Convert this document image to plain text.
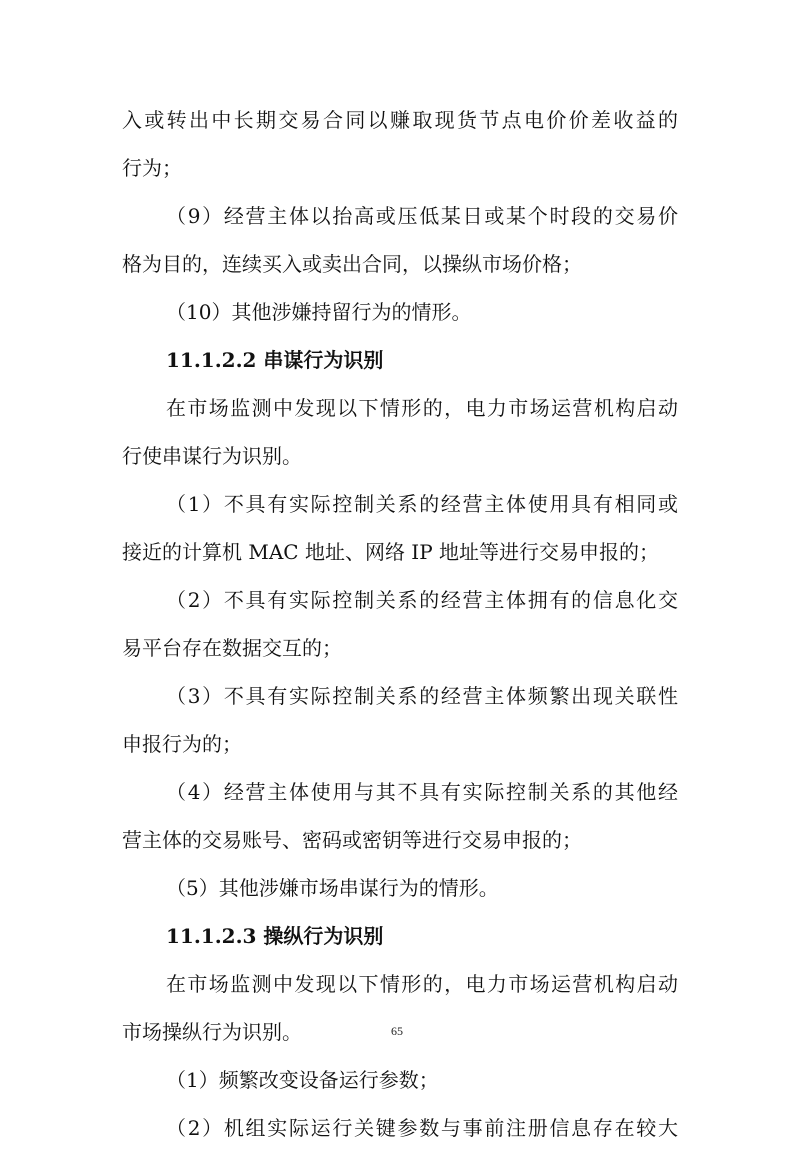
入或转出中长期交易合同以赚取现货节点电价价差收益的
行为；
（9）经营主体以抬高或压低某日或某个时段的交易价
格为目的，连续买入或卖出合同，以操纵市场价格；
（10）其他涉嫌持留行为的情形。
11.1.2.2 串谋行为识别
在市场监测中发现以下情形的，电力市场运营机构启动
行使串谋行为识别。
（1）不具有实际控制关系的经营主体使用具有相同或
接近的计算机 MAC 地址、网络 IP 地址等进行交易申报的；
（2）不具有实际控制关系的经营主体拥有的信息化交
易平台存在数据交互的；
（3）不具有实际控制关系的经营主体频繁出现关联性
申报行为的；
（4）经营主体使用与其不具有实际控制关系的其他经
营主体的交易账号、密码或密钥等进行交易申报的；
（5）其他涉嫌市场串谋行为的情形。
11.1.2.3 操纵行为识别
在市场监测中发现以下情形的，电力市场运营机构启动
市场操纵行为识别。
（1）频繁改变设备运行参数；
（2）机组实际运行关键参数与事前注册信息存在较大
65
